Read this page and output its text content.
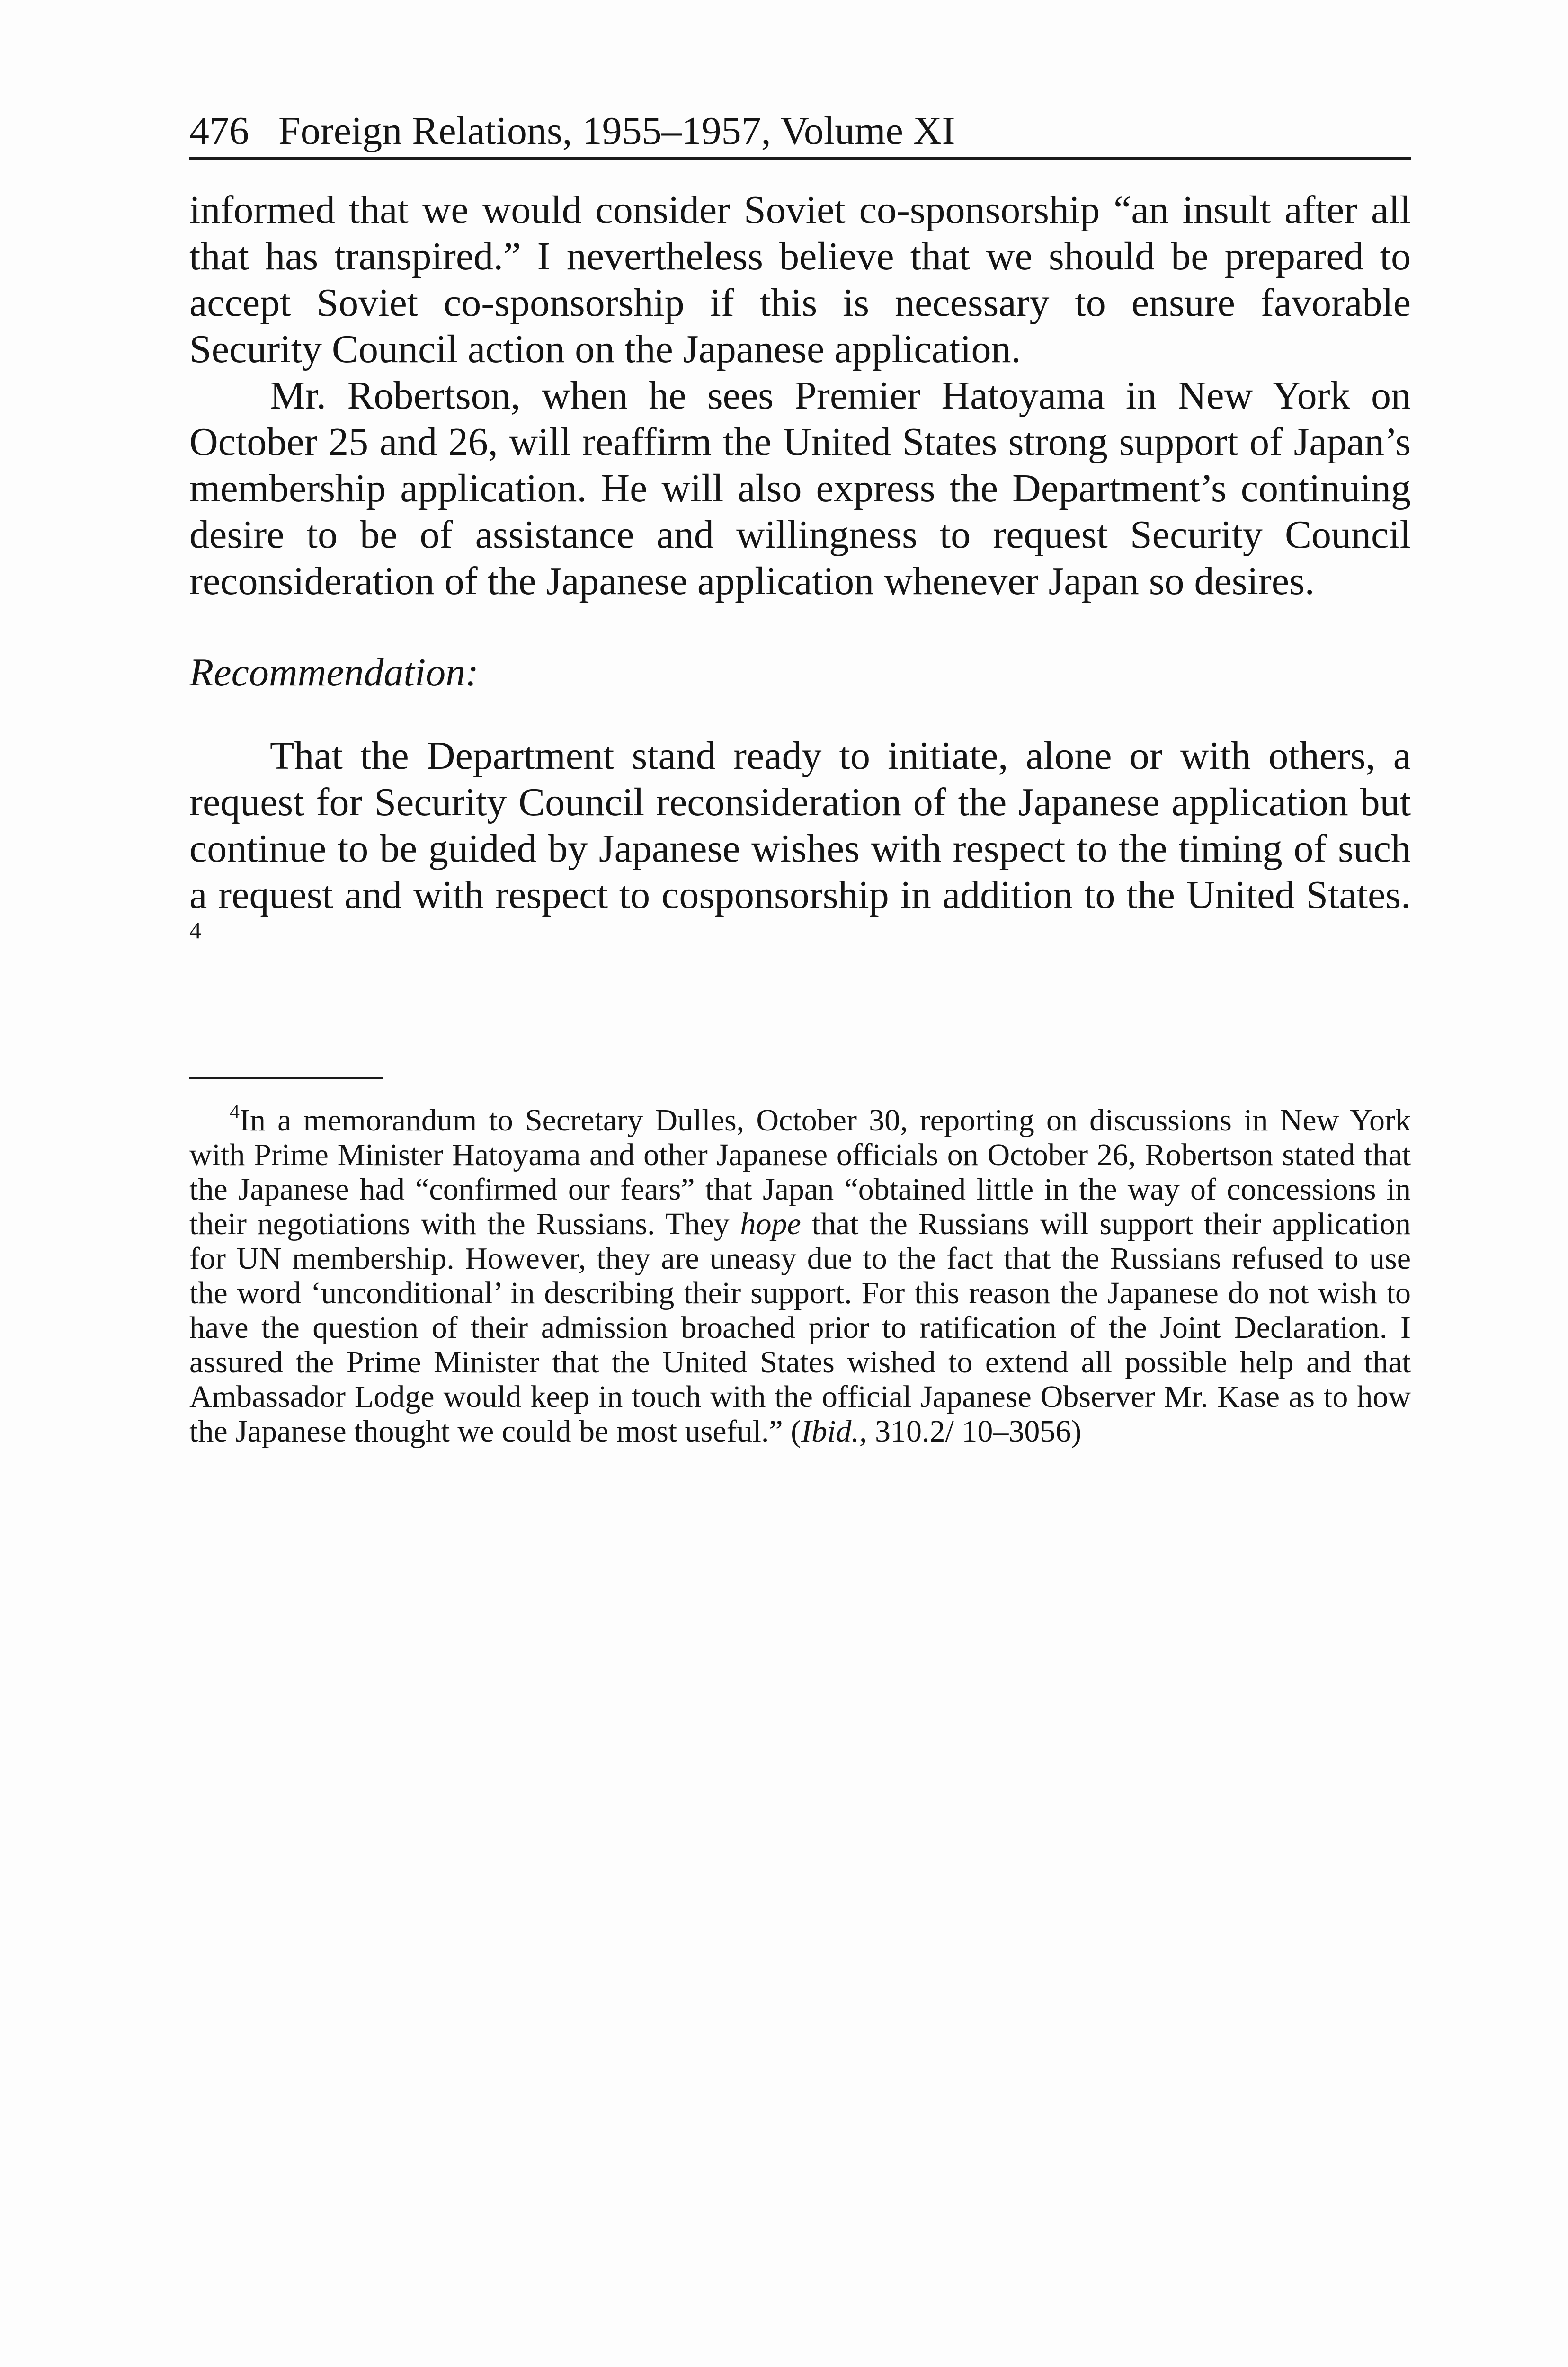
476 Foreign Relations, 1955–1957, Volume XI

informed that we would consider Soviet co-sponsorship “an insult after all that has transpired.” I nevertheless believe that we should be prepared to accept Soviet co-sponsorship if this is necessary to ensure favorable Security Council action on the Japanese application.

Mr. Robertson, when he sees Premier Hatoyama in New York on October 25 and 26, will reaffirm the United States strong support of Japan’s membership application. He will also express the Department’s continuing desire to be of assistance and willingness to request Security Council reconsideration of the Japanese application whenever Japan so desires.

Recommendation:

That the Department stand ready to initiate, alone or with others, a request for Security Council reconsideration of the Japanese application but continue to be guided by Japanese wishes with respect to the timing of such a request and with respect to cosponsorship in addition to the United States. $^4$

$^4$In a memorandum to Secretary Dulles, October 30, reporting on discussions in New York with Prime Minister Hatoyama and other Japanese officials on October 26, Robertson stated that the Japanese had “confirmed our fears” that Japan “obtained little in the way of concessions in their negotiations with the Russians. They hope that the Russians will support their application for UN membership. However, they are uneasy due to the fact that the Russians refused to use the word ‘unconditional’ in describing their support. For this reason the Japanese do not wish to have the question of their admission broached prior to ratification of the Joint Declaration. I assured the Prime Minister that the United States wished to extend all possible help and that Ambassador Lodge would keep in touch with the official Japanese Observer Mr. Kase as to how the Japanese thought we could be most useful.” (Ibid., 310.2/ 10–3056)
